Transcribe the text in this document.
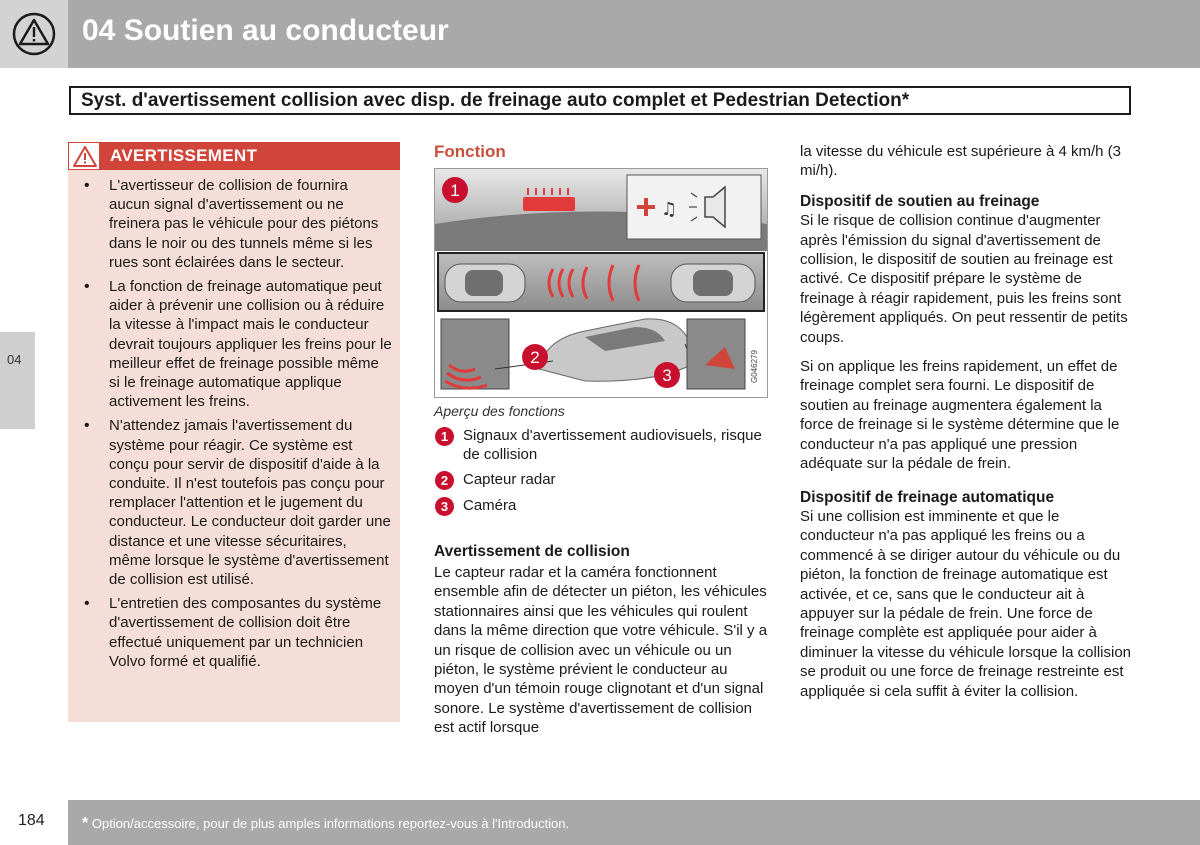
04 Soutien au conducteur
Syst. d'avertissement collision avec disp. de freinage auto complet et Pedestrian Detection*
04
AVERTISSEMENT
• L'avertisseur de collision de fournira aucun signal d'avertissement ou ne freinera pas le véhicule pour des piétons dans le noir ou des tunnels même si les rues sont éclairées dans le secteur.
• La fonction de freinage automatique peut aider à prévenir une collision ou à réduire la vitesse à l'impact mais le conducteur devrait toujours appliquer les freins pour le meilleur effet de freinage possible même si le freinage automatique applique activement les freins.
• N'attendez jamais l'avertissement du système pour réagir. Ce système est conçu pour servir de dispositif d'aide à la conduite. Il n'est toutefois pas conçu pour remplacer l'attention et le jugement du conducteur. Le conducteur doit garder une distance et une vitesse sécuritaires, même lorsque le système d'avertissement de collision est utilisé.
• L'entretien des composantes du système d'avertissement de collision doit être effectué uniquement par un technicien Volvo formé et qualifié.
Fonction
♫
1
2
3	G046279
Aperçu des fonctions
1 Signaux d'avertissement audiovisuels, risque de collision
2 Capteur radar
3 Caméra
Avertissement de collision
Le capteur radar et la caméra fonctionnent ensemble afin de détecter un piéton, les véhicules stationnaires ainsi que les véhicules qui roulent dans la même direction que votre véhicule. S'il y a un risque de collision avec un véhicule ou un piéton, le système prévient le conducteur au moyen d'un témoin rouge clignotant et d'un signal sonore. Le système d'avertissement de collision est actif lorsque

la vitesse du véhicule est supérieure à 4 km/h (3 mi/h).

Dispositif de soutien au freinage

Si le risque de collision continue d'augmenter après l'émission du signal d'avertissement de collision, le dispositif de soutien au freinage est activé. Ce dispositif prépare le système de freinage à réagir rapidement, puis les freins sont légèrement appliqués. On peut ressentir de petits coups.

Si on applique les freins rapidement, un effet de freinage complet sera fourni. Le dispositif de soutien au freinage augmentera également la force de freinage si le système détermine que le conducteur n'a pas appliqué une pression adéquate sur la pédale de frein.

Dispositif de freinage automatique

Si une collision est imminente et que le conducteur n'a pas appliqué les freins ou a commencé à se diriger autour du véhicule ou du piéton, la fonction de freinage automatique est activée, et ce, sans que le conducteur ait à appuyer sur la pédale de frein. Une force de freinage complète est appliquée pour aider à diminuer la vitesse du véhicule lorsque la collision se produit ou une force de freinage restreinte est appliquée si cela suffit à éviter la collision.

184 * Option/accessoire, pour de plus amples informations reportez-vous à l'Introduction.
